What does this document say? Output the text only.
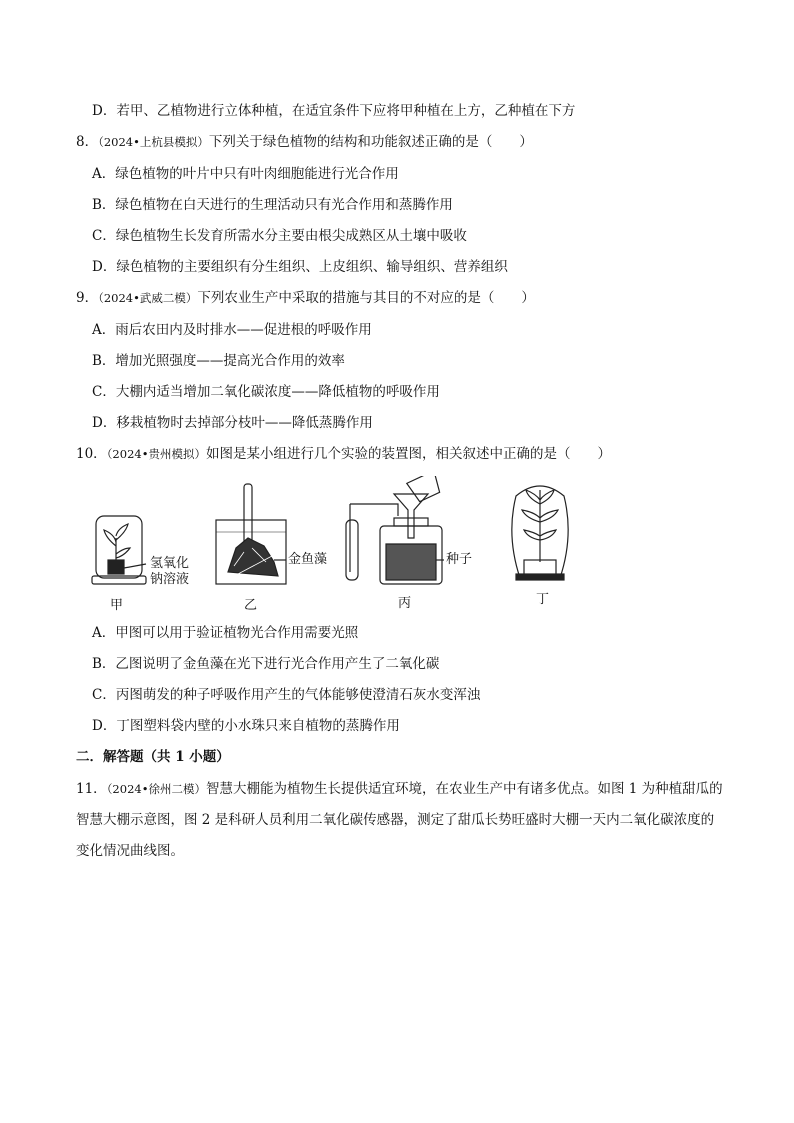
D．若甲、乙植物进行立体种植，在适宜条件下应将甲种植在上方，乙种植在下方
8．（2024•上杭县模拟）下列关于绿色植物的结构和功能叙述正确的是（　　）
A．绿色植物的叶片中只有叶肉细胞能进行光合作用
B．绿色植物在白天进行的生理活动只有光合作用和蒸腾作用
C．绿色植物生长发育所需水分主要由根尖成熟区从土壤中吸收
D．绿色植物的主要组织有分生组织、上皮组织、输导组织、营养组织
9．（2024•武威二模）下列农业生产中采取的措施与其目的不对应的是（　　）
A．雨后农田内及时排水——促进根的呼吸作用
B．增加光照强度——提高光合作用的效率
C．大棚内适当增加二氧化碳浓度——降低植物的呼吸作用
D．移栽植物时去掉部分枝叶——降低蒸腾作用
10．（2024•贵州模拟）如图是某小组进行几个实验的装置图，相关叙述中正确的是（　　）
氢氧化
钠溶液
金鱼藻	种子
甲	乙	丙	丁
A．甲图可以用于验证植物光合作用需要光照
B．乙图说明了金鱼藻在光下进行光合作用产生了二氧化碳
C．丙图萌发的种子呼吸作用产生的气体能够使澄清石灰水变浑浊
D．丁图塑料袋内壁的小水珠只来自植物的蒸腾作用
二．解答题（共 1 小题）
11．（2024•徐州二模）智慧大棚能为植物生长提供适宜环境，在农业生产中有诸多优点。如图 1 为种植甜瓜的智慧大棚示意图，图 2 是科研人员利用二氧化碳传感器，测定了甜瓜长势旺盛时大棚一天内二氧化碳浓度的变化情况曲线图。
